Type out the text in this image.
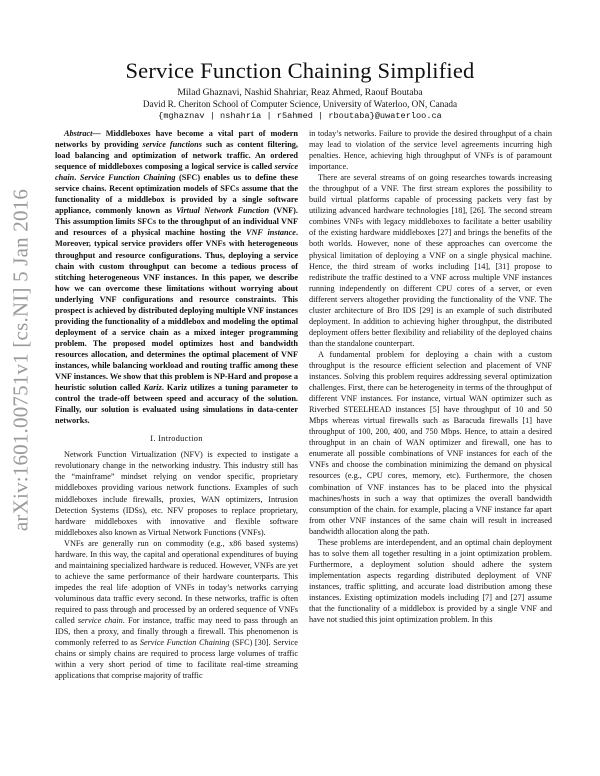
arXiv:1601.00751v1 [cs.NI] 5 Jan 2016
Service Function Chaining Simplified

Milad Ghaznavi, Nashid Shahriar, Reaz Ahmed, Raouf Boutaba

David R. Cheriton School of Computer Science, University of Waterloo, ON, Canada

{mghaznav | nshahria | r5ahmed | rboutaba}@uwaterloo.ca

Abstract— Middleboxes have become a vital part of modern networks by providing service functions such as content filtering, load balancing and optimization of network traffic. An ordered sequence of middleboxes composing a logical service is called service chain. Service Function Chaining (SFC) enables us to define these service chains. Recent optimization models of SFCs assume that the functionality of a middlebox is provided by a single software appliance, commonly known as Virtual Network Function (VNF). This assumption limits SFCs to the throughput of an individual VNF and resources of a physical machine hosting the VNF instance. Moreover, typical service providers offer VNFs with heterogeneous throughput and resource configurations. Thus, deploying a service chain with custom throughput can become a tedious process of stitching heterogeneous VNF instances. In this paper, we describe how we can overcome these limitations without worrying about underlying VNF configurations and resource constraints. This prospect is achieved by distributed deploying multiple VNF instances providing the functionality of a middlebox and modeling the optimal deployment of a service chain as a mixed integer programming problem. The proposed model optimizes host and bandwidth resources allocation, and determines the optimal placement of VNF instances, while balancing workload and routing traffic among these VNF instances. We show that this problem is NP-Hard and propose a heuristic solution called Kariz. Kariz utilizes a tuning parameter to control the trade-off between speed and accuracy of the solution. Finally, our solution is evaluated using simulations in data-center networks.

I. Introduction

Network Function Virtualization (NFV) is expected to instigate a revolutionary change in the networking industry. This industry still has the “mainframe” mindset relying on vendor specific, proprietary middleboxes providing various network functions. Examples of such middleboxes include firewalls, proxies, WAN optimizers, Intrusion Detection Systems (IDSs), etc. NFV proposes to replace proprietary, hardware middleboxes with innovative and flexible software middleboxes also known as Virtual Network Functions (VNFs).

VNFs are generally run on commodity (e.g., x86 based systems) hardware. In this way, the capital and operational expenditures of buying and maintaining specialized hardware is reduced. However, VNFs are yet to achieve the same performance of their hardware counterparts. This impedes the real life adoption of VNFs in today’s networks carrying voluminous data traffic every second. In these networks, traffic is often required to pass through and processed by an ordered sequence of VNFs called service chain. For instance, traffic may need to pass through an IDS, then a proxy, and finally through a firewall. This phenomenon is commonly referred to as Service Function Chaining (SFC) [30]. Service chains or simply chains are required to process large volumes of traffic within a very short period of time to facilitate real-time streaming applications that comprise majority of traffic

in today’s networks. Failure to provide the desired throughput of a chain may lead to violation of the service level agreements incurring high penalties. Hence, achieving high throughput of VNFs is of paramount importance.

There are several streams of on going researches towards increasing the throughput of a VNF. The first stream explores the possibility to build virtual platforms capable of processing packets very fast by utilizing advanced hardware technologies [18], [26]. The second stream combines VNFs with legacy middleboxes to facilitate a better usability of the existing hardware middleboxes [27] and brings the benefits of the both worlds. However, none of these approaches can overcome the physical limitation of deploying a VNF on a single physical machine. Hence, the third stream of works including [14], [31] propose to redistribute the traffic destined to a VNF across multiple VNF instances running independently on different CPU cores of a server, or even different servers altogether providing the functionality of the VNF. The cluster architecture of Bro IDS [29] is an example of such distributed deployment. In addition to achieving higher throughput, the distributed deployment offers better flexibility and reliability of the deployed chains than the standalone counterpart.

A fundamental problem for deploying a chain with a custom throughput is the resource efficient selection and placement of VNF instances. Solving this problem requires addressing several optimization challenges. First, there can be heterogeneity in terms of the throughput of different VNF instances. For instance, virtual WAN optimizer such as Riverbed STEELHEAD instances [5] have throughput of 10 and 50 Mbps whereas virtual firewalls such as Baracuda firewalls [1] have throughput of 100, 200, 400, and 750 Mbps. Hence, to attain a desired throughput in an chain of WAN optimizer and firewall, one has to enumerate all possible combinations of VNF instances for each of the VNFs and choose the combination minimizing the demand on physical resources (e.g., CPU cores, memory, etc). Furthermore, the chosen combination of VNF instances has to be placed into the physical machines/hosts in such a way that optimizes the overall bandwidth consumption of the chain. for example, placing a VNF instance far apart from other VNF instances of the same chain will result in increased bandwidth allocation along the path.

These problems are interdependent, and an optimal chain deployment has to solve them all together resulting in a joint optimization problem. Furthermore, a deployment solution should adhere the system implementation aspects regarding distributed deployment of VNF instances, traffic splitting, and accurate load distribution among these instances. Existing optimization models including [7] and [27] assume that the functionality of a middlebox is provided by a single VNF and have not studied this joint optimization problem. In this
